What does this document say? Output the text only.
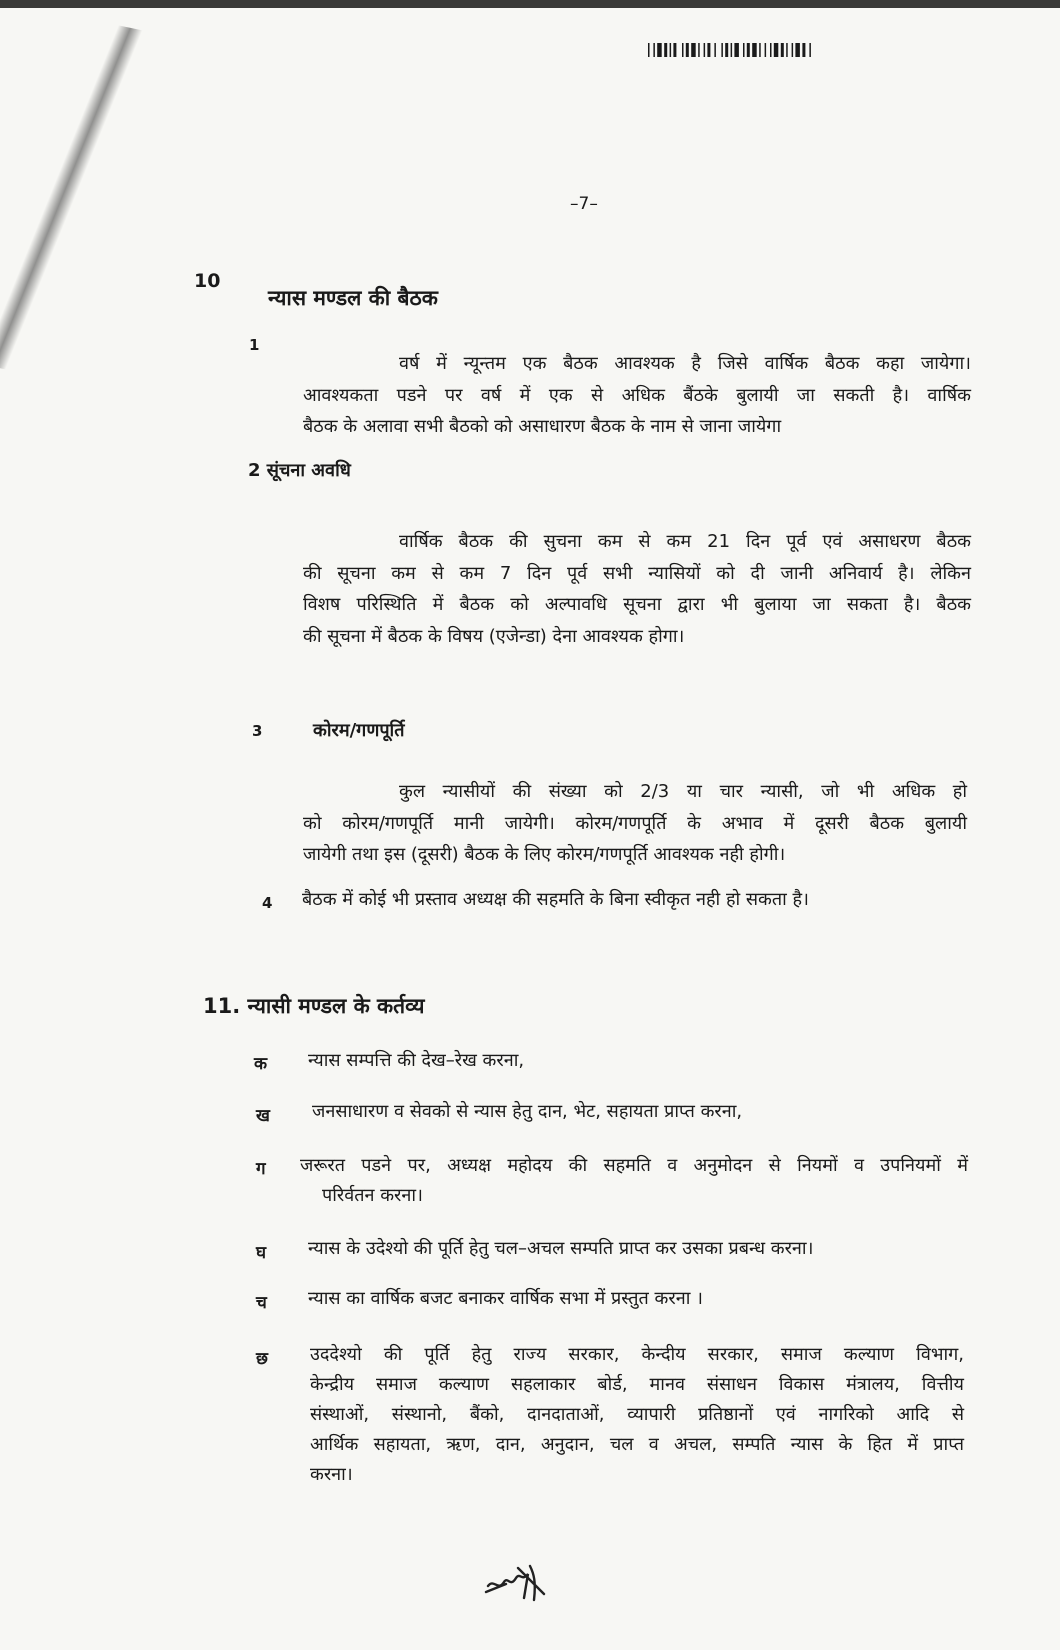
–7–
10
न्यास मण्डल की बैठक
1
वर्ष में न्यून्तम एक बैठक आवश्यक है जिसे वार्षिक बैठक कहा जायेगा।
आवश्यकता पडने पर वर्ष में एक से अधिक बैंठके बुलायी जा सकती है। वार्षिक
बैठक के अलावा सभी बैठको को असाधारण बैठक के नाम से जाना जायेगा
2 सूंचना अवधि
वार्षिक बैठक की सुचना कम से कम 21 दिन पूर्व एवं असाधरण बैठक
की सूचना कम से कम 7 दिन पूर्व सभी न्यासियों को दी जानी अनिवार्य है। लेकिन
विशष परिस्थिति में बैठक को अल्पावधि सूचना द्वारा भी बुलाया जा सकता है। बैठक
की सूचना में बैठक के विषय (एजेन्डा) देना आवश्यक होगा।
3	कोरम/गणपूर्ति
कुल न्यासीयों की संख्या को 2/3 या चार न्यासी, जो भी अधिक हो
को कोरम/गणपूर्ति मानी जायेगी। कोरम/गणपूर्ति के अभाव में दूसरी बैठक बुलायी
जायेगी तथा इस (दूसरी) बैठक के लिए कोरम/गणपूर्ति आवश्यक नही होगी।
4 बैठक में कोई भी प्रस्ताव अध्यक्ष की सहमति के बिना स्वीकृत नही हो सकता है।
11. न्यासी मण्डल के कर्तव्य
क न्यास सम्पत्ति की देख–रेख करना,
ख जनसाधारण व सेवको से न्यास हेतु दान, भेट, सहायता प्राप्त करना,
ग जरूरत पडने पर, अध्यक्ष महोदय की सहमति व अनुमोदन से नियमों व उपनियमों में
परिर्वतन करना।
घ न्यास के उदेश्यो की पूर्ति हेतु चल–अचल सम्पति प्राप्त कर उसका प्रबन्ध करना।
च न्यास का वार्षिक बजट बनाकर वार्षिक सभा में प्रस्तुत करना ।
छ उददेश्यो की पूर्ति हेतु राज्य सरकार, केन्दीय सरकार, समाज कल्याण विभाग,
केन्द्रीय समाज कल्याण सहलाकार बोर्ड, मानव संसाधन विकास मंत्रालय, वित्तीय
संस्थाओं, संस्थानो, बैंको, दानदाताओं, व्यापारी प्रतिष्ठानों एवं नागरिको आदि से
आर्थिक सहायता, ऋण, दान, अनुदान, चल व अचल, सम्पति न्यास के हित में प्राप्त
करना।
